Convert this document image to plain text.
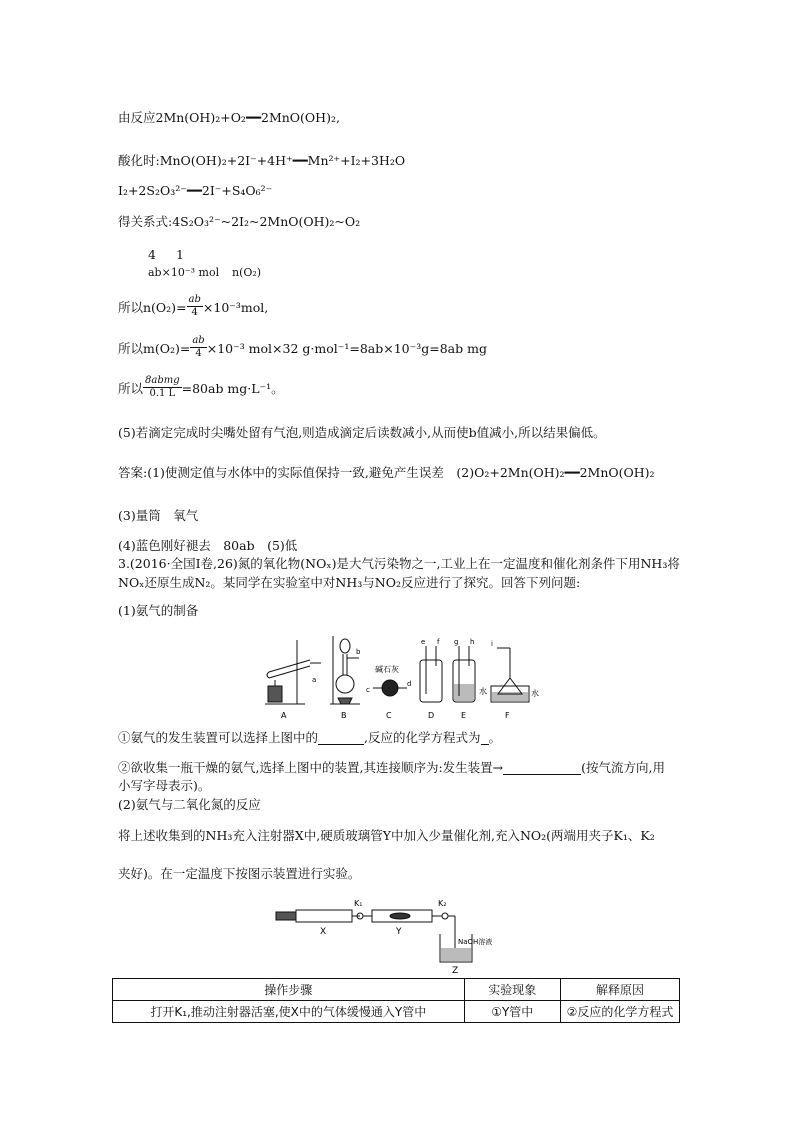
由反应2Mn(OH)₂+O₂━━2MnO(OH)₂,
酸化时:MnO(OH)₂+2I⁻+4H⁺━━Mn²⁺+I₂+3H₂O
I₂+2S₂O₃²⁻━━2I⁻+S₄O₆²⁻
得关系式:4S₂O₃²⁻~2I₂~2MnO(OH)₂~O₂
4 1
ab×10⁻³ mol n(O₂)
所以$n(O_2)= \frac{ab}{4} \times 10^{-3}mol$,
所以$m(O_2)= \frac{ab}{4} \times 10^{-3}$ mol×32 g·mol⁻¹=8ab×10⁻³g=8ab mg
所以 $\frac{\text{8abmg}}{0.1 L} =80ab$ mg·L⁻¹。
(5)若滴定完成时尖嘴处留有气泡,则造成滴定后读数减小,从而使b值减小,所以结果偏低。
答案:(1)使测定值与水体中的实际值保持一致,避免产生误差　(2)O₂+2Mn(OH)₂━━2MnO(OH)₂
(3)量筒　氧气
(4)蓝色刚好褪去　80ab　(5)低
3.(2016·全国Ⅰ卷,26)氮的氧化物(NOₓ)是大气污染物之一,工业上在一定温度和催化剂条件下用NH₃将
NOₓ还原生成N₂。某同学在实验室中对NH₃与NO₂反应进行了探究。回答下列问题:
(1)氨气的制备
A	B	C	D	E	F
a
b
c
d
e f g h i
碱石灰
水	水
①氨气的发生装置可以选择上图中的	,反应的化学方程式为 。
②欲收集一瓶干燥的氨气,选择上图中的装置,其连接顺序为:发生装置→	(按气流方向,用
小写字母表示)。
(2)氨气与二氧化氮的反应
将上述收集到的NH₃充入注射器X中,硬质玻璃管Y中加入少量催化剂,充入NO₂(两端用夹子K₁、K₂
夹好)。在一定温度下按图示装置进行实验。
X	Y
Z
K₁	K₂
NaOH溶液
操作步骤	实验现象	解释原因
打开K₁,推动注射器活塞,使X中的气体缓慢通入Y管中	①Y管中	②反应的化学方程式
